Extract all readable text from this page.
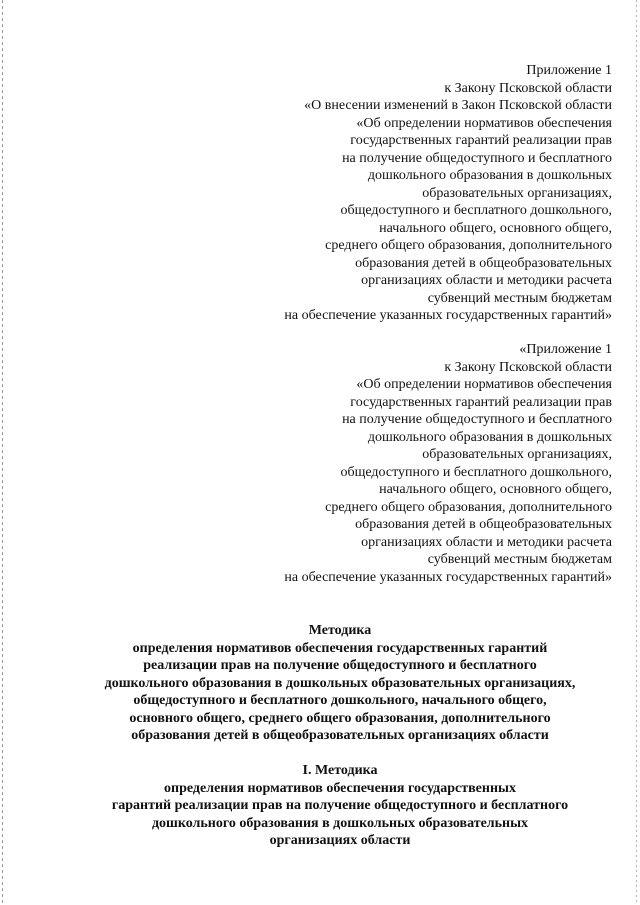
Приложение 1
к Закону Псковской области
«О внесении изменений в Закон Псковской области
«Об определении нормативов обеспечения
государственных гарантий реализации прав
на получение общедоступного и бесплатного
дошкольного образования в дошкольных
образовательных организациях,
общедоступного и бесплатного дошкольного,
начального общего, основного общего,
среднего общего образования, дополнительного
образования детей в общеобразовательных
организациях области и методики расчета
субвенций местным бюджетам
на обеспечение указанных государственных гарантий»
«Приложение 1
к Закону Псковской области
«Об определении нормативов обеспечения
государственных гарантий реализации прав
на получение общедоступного и бесплатного
дошкольного образования в дошкольных
образовательных организациях,
общедоступного и бесплатного дошкольного,
начального общего, основного общего,
среднего общего образования, дополнительного
образования детей в общеобразовательных
организациях области и методики расчета
субвенций местным бюджетам
на обеспечение указанных государственных гарантий»
Методика
определения нормативов обеспечения государственных гарантий
реализации прав на получение общедоступного и бесплатного
дошкольного образования в дошкольных образовательных организациях,
общедоступного и бесплатного дошкольного, начального общего,
основного общего, среднего общего образования, дополнительного
образования детей в общеобразовательных организациях области
I. Методика
определения нормативов обеспечения государственных
гарантий реализации прав на получение общедоступного и бесплатного
дошкольного образования в дошкольных образовательных
организациях области
